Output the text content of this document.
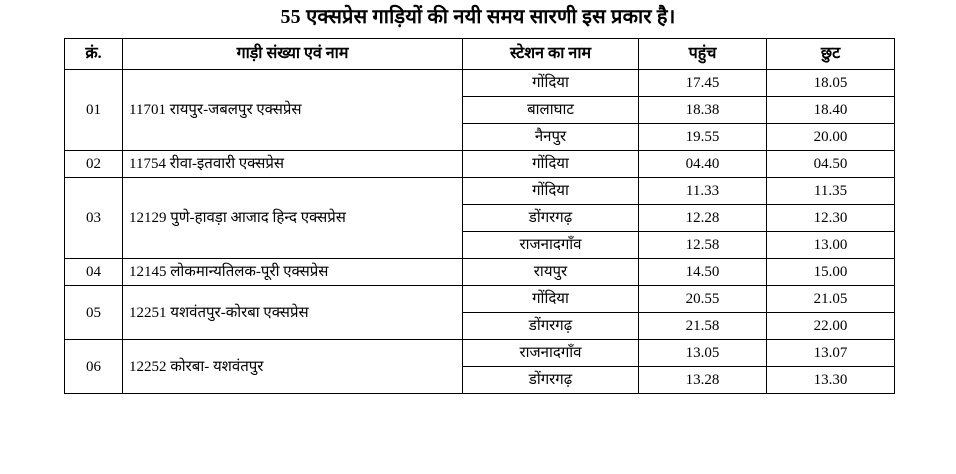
55 एक्सप्रेस गाड़ियों की नयी समय सारणी इस प्रकार है।
क्रं.	गाड़ी संख्या एवं नाम	स्टेशन का नाम	पहुंच	छुट
01	11701 रायपुर-जबलपुर एक्सप्रेस	गोंदिया	17.45	18.05
		बालाघाट	18.38	18.40
		नैनपुर	19.55	20.00
02	11754 रीवा-इतवारी एक्सप्रेस	गोंदिया	04.40	04.50
03	12129 पुणे-हावड़ा आजाद हिन्द एक्सप्रेस	गोंदिया	11.33	11.35
		डोंगरगढ़	12.28	12.30
		राजनादगाँव	12.58	13.00
04	12145 लोकमान्यतिलक-पूरी एक्सप्रेस	रायपुर	14.50	15.00
05	12251 यशवंतपुर-कोरबा एक्सप्रेस	गोंदिया	20.55	21.05
		डोंगरगढ़	21.58	22.00
06	12252 कोरबा- यशवंतपुर	राजनादगाँव	13.05	13.07
		डोंगरगढ़	13.28	13.30
